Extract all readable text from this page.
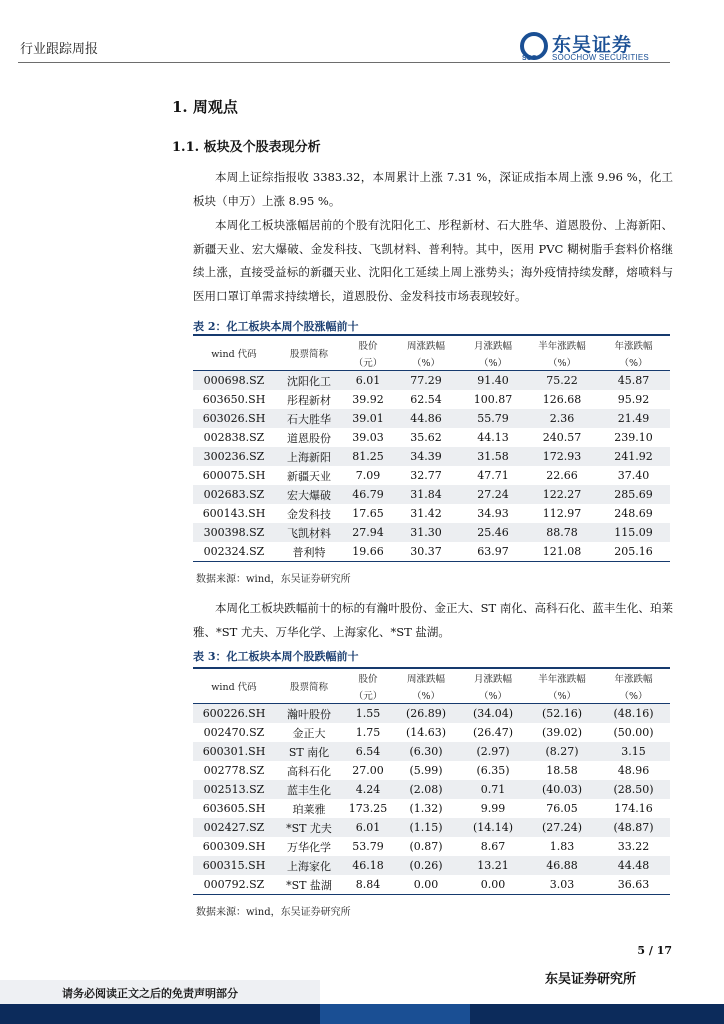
行业跟踪周报
SCS
东吴证券
SOOCHOW SECURITIES
1. 周观点
1.1. 板块及个股表现分析
本周上证综指报收 3383.32，本周累计上涨 7.31 %，深证成指本周上涨 9.96 %，化工板块（申万）上涨 8.95 %。
本周化工板块涨幅居前的个股有沈阳化工、彤程新材、石大胜华、道恩股份、上海新阳、新疆天业、宏大爆破、金发科技、飞凯材料、普利特。其中，医用 PVC 糊树脂手套料价格继续上涨，直接受益标的新疆天业、沈阳化工延续上周上涨势头；海外疫情持续发酵，熔喷料与医用口罩订单需求持续增长，道恩股份、金发科技市场表现较好。
表 2：化工板块本周个股涨幅前十
wind 代码	股票简称	股价	周涨跌幅	月涨跌幅	半年涨跌幅	年涨跌幅
		（元）	（%）	（%）	（%）	（%）
000698.SZ	沈阳化工	6.01	77.29	91.40	75.22	45.87
603650.SH	彤程新材	39.92	62.54	100.87	126.68	95.92
603026.SH	石大胜华	39.01	44.86	55.79	2.36	21.49
002838.SZ	道恩股份	39.03	35.62	44.13	240.57	239.10
300236.SZ	上海新阳	81.25	34.39	31.58	172.93	241.92
600075.SH	新疆天业	7.09	32.77	47.71	22.66	37.40
002683.SZ	宏大爆破	46.79	31.84	27.24	122.27	285.69
600143.SH	金发科技	17.65	31.42	34.93	112.97	248.69
300398.SZ	飞凯材料	27.94	31.30	25.46	88.78	115.09
002324.SZ	普利特	19.66	30.37	63.97	121.08	205.16
数据来源：wind，东吴证券研究所
本周化工板块跌幅前十的标的有瀚叶股份、金正大、ST 南化、高科石化、蓝丰生化、珀莱雅、*ST 尤夫、万华化学、上海家化、*ST 盐湖。
表 3：化工板块本周个股跌幅前十
wind 代码	股票简称	股价	周涨跌幅	月涨跌幅	半年涨跌幅	年涨跌幅
		（元）	（%）	（%）	（%）	（%）
600226.SH	瀚叶股份	1.55	(26.89)	(34.04)	(52.16)	(48.16)
002470.SZ	金正大	1.75	(14.63)	(26.47)	(39.02)	(50.00)
600301.SH	ST 南化	6.54	(6.30)	(2.97)	(8.27)	3.15
002778.SZ	高科石化	27.00	(5.99)	(6.35)	18.58	48.96
002513.SZ	蓝丰生化	4.24	(2.08)	0.71	(40.03)	(28.50)
603605.SH	珀莱雅	173.25	(1.32)	9.99	76.05	174.16
002427.SZ	*ST 尤夫	6.01	(1.15)	(14.14)	(27.24)	(48.87)
600309.SH	万华化学	53.79	(0.87)	8.67	1.83	33.22
600315.SH	上海家化	46.18	(0.26)	13.21	46.88	44.48
000792.SZ	*ST 盐湖	8.84	0.00	0.00	3.03	36.63
数据来源：wind，东吴证券研究所
5 / 17
东吴证券研究所
请务必阅读正文之后的免责声明部分
